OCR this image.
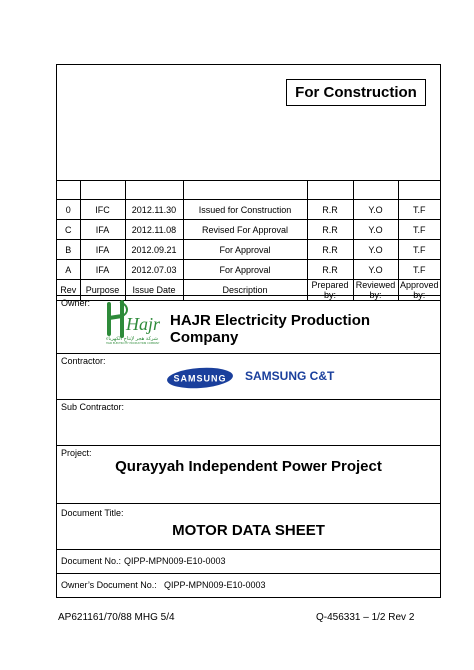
For Construction

0	IFC	2012.11.30	Issued for Construction	R.R	Y.O	T.F
C	IFA	2012.11.08	Revised For Approval	R.R	Y.O	T.F
B	IFA	2012.09.21	For Approval	R.R	Y.O	T.F
A	IFA	2012.07.03	For Approval	R.R	Y.O	T.F
Rev	Purpose	Issue Date	Description	Prepared by:	Reviewed by:	Approved by:
Owner:
Hajr
شركة هجر لإنتاج الكهرباء
HAJR ELECTRICITY PRODUCTION COMPANY
HAJR Electricity Production Company
Contractor:
SAMSUNG SAMSUNG C&T
Sub Contractor:
Project:
Qurayyah Independent Power Project
Document Title:
MOTOR DATA SHEET
Document No.: QIPP-MPN009-E10-0003
Owner’s Document No.: QIPP-MPN009-E10-0003
AP621161/70/88 MHG 5/4	Q-456331 – 1/2 Rev 2
